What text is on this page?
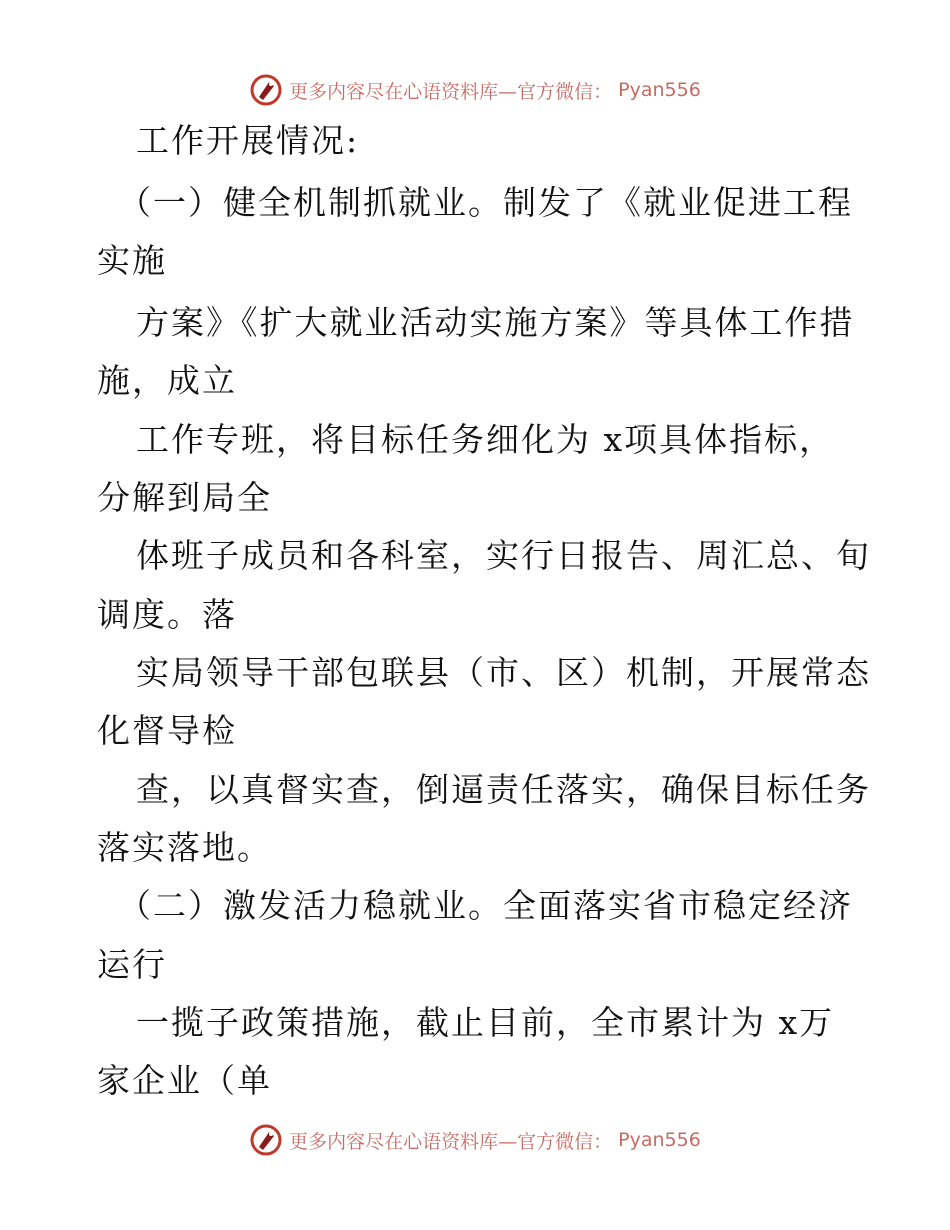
更多内容尽在心语资料库—官方微信： Pyan556
工作开展情况:
（一）健全机制抓就业。制发了《就业促进工程
实施
方案》《扩大就业活动实施方案》等具体工作措
施，成立
工作专班，将目标任务细化为 x项具体指标，
分解到局全
体班子成员和各科室，实行日报告、周汇总、旬
调度。落
实局领导干部包联县（市、区）机制，开展常态
化督导检
查，以真督实查，倒逼责任落实，确保目标任务
落实落地。
（二）激发活力稳就业。全面落实省市稳定经济
运行
一揽子政策措施，截止目前，全市累计为 x万
家企业（单
更多内容尽在心语资料库—官方微信： Pyan556
